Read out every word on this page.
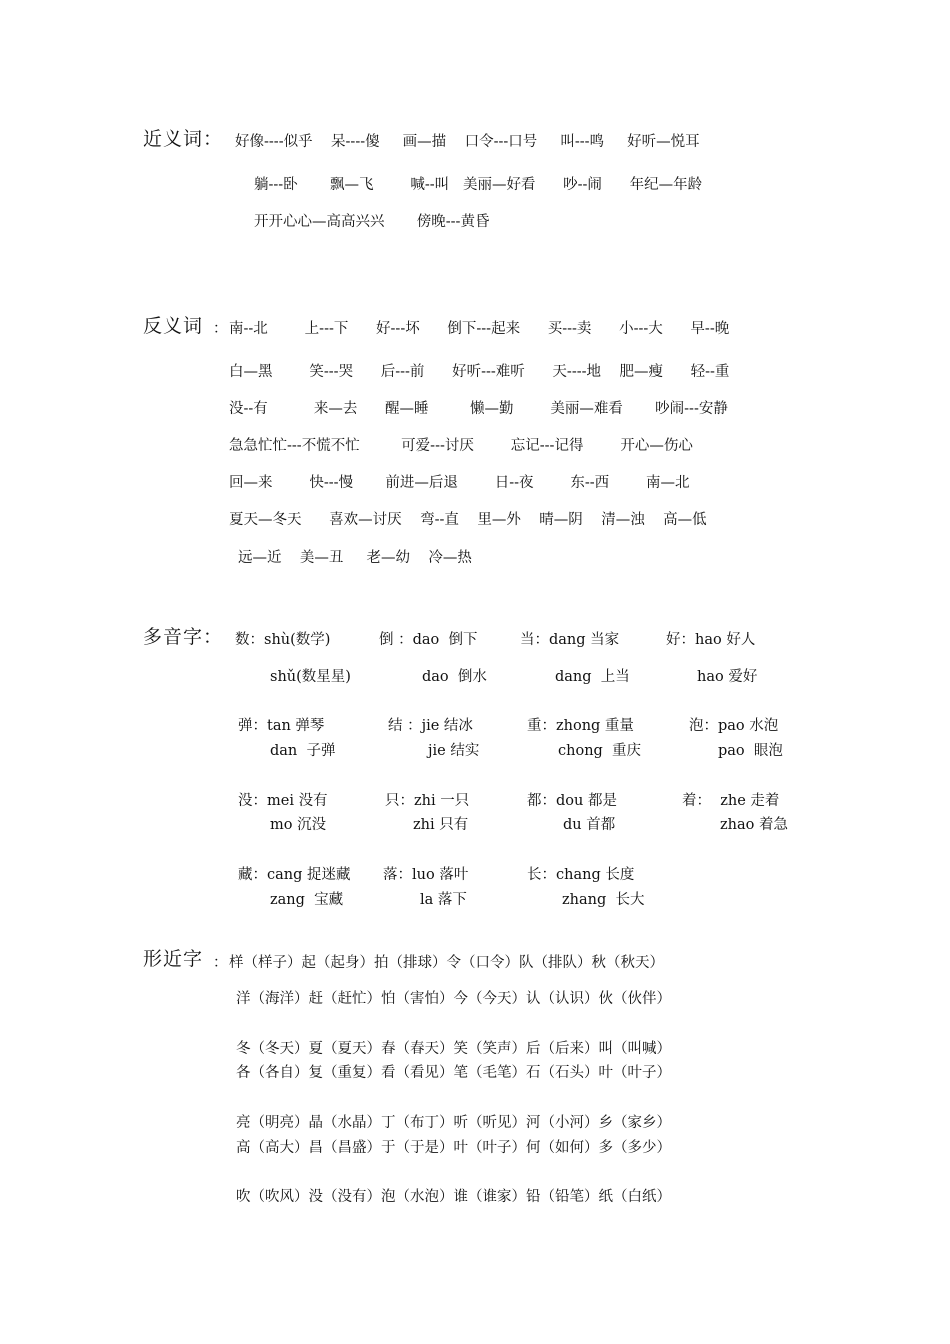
近义词： 好像----似乎    呆----傻     画—描    口令---口号     叫---鸣     好听—悦耳
躺---卧       飘—飞        喊--叫   美丽—好看      吵--闹      年纪—年龄
开开心心—高高兴兴       傍晚---黄昏
反义词 ： 南--北        上---下      好---坏      倒下---起来      买---卖      小---大      早--晚
白—黑        笑---哭      后---前      好听---难听      天----地    肥—瘦      轻--重
没--有          来—去      醒—睡         懒—勤        美丽—难看       吵闹---安静
急急忙忙---不慌不忙         可爱---讨厌        忘记---记得        开心—伤心
回—来        快---慢       前进—后退        日--夜        东--西        南—北
夏天—冬天      喜欢—讨厌    弯--直    里—外    晴—阴    清—浊    高—低
远—近    美—丑     老—幼    冷—热
多音字： 数：shù(数学)	倒 ：dao  倒下	当：dang 当家	好：hao 好人
shǔ(数星星)	dao  倒水	dang  上当	hao 爱好
弹：tan 弹琴	结 ：jie 结冰	重：zhong 重量	泡：pao 水泡
dan  子弹	jie 结实	chong  重庆	pao  眼泡
没：mei 没有	只：zhi 一只	都：dou 都是	着：  zhe 走着
mo 沉没	zhi 只有	du 首都	zhao 着急
藏：cang 捉迷藏 落：luo 落叶	长：chang 长度
zang  宝藏	la 落下	zhang  长大
形近字 ： 样（样子）起（起身）拍（排球）令（口令）队（排队）秋（秋天）
洋（海洋）赶（赶忙）怕（害怕）今（今天）认（认识）伙（伙伴）
冬（冬天）夏（夏天）春（春天）笑（笑声）后（后来）叫（叫喊）
各（各自）复（重复）看（看见）笔（毛笔）石（石头）叶（叶子）
亮（明亮）晶（水晶）丁（布丁）听（听见）河（小河）乡（家乡）
高（高大）昌（昌盛）于（于是）叶（叶子）何（如何）多（多少）
吹（吹风）没（没有）泡（水泡）谁（谁家）铅（铅笔）纸（白纸）
